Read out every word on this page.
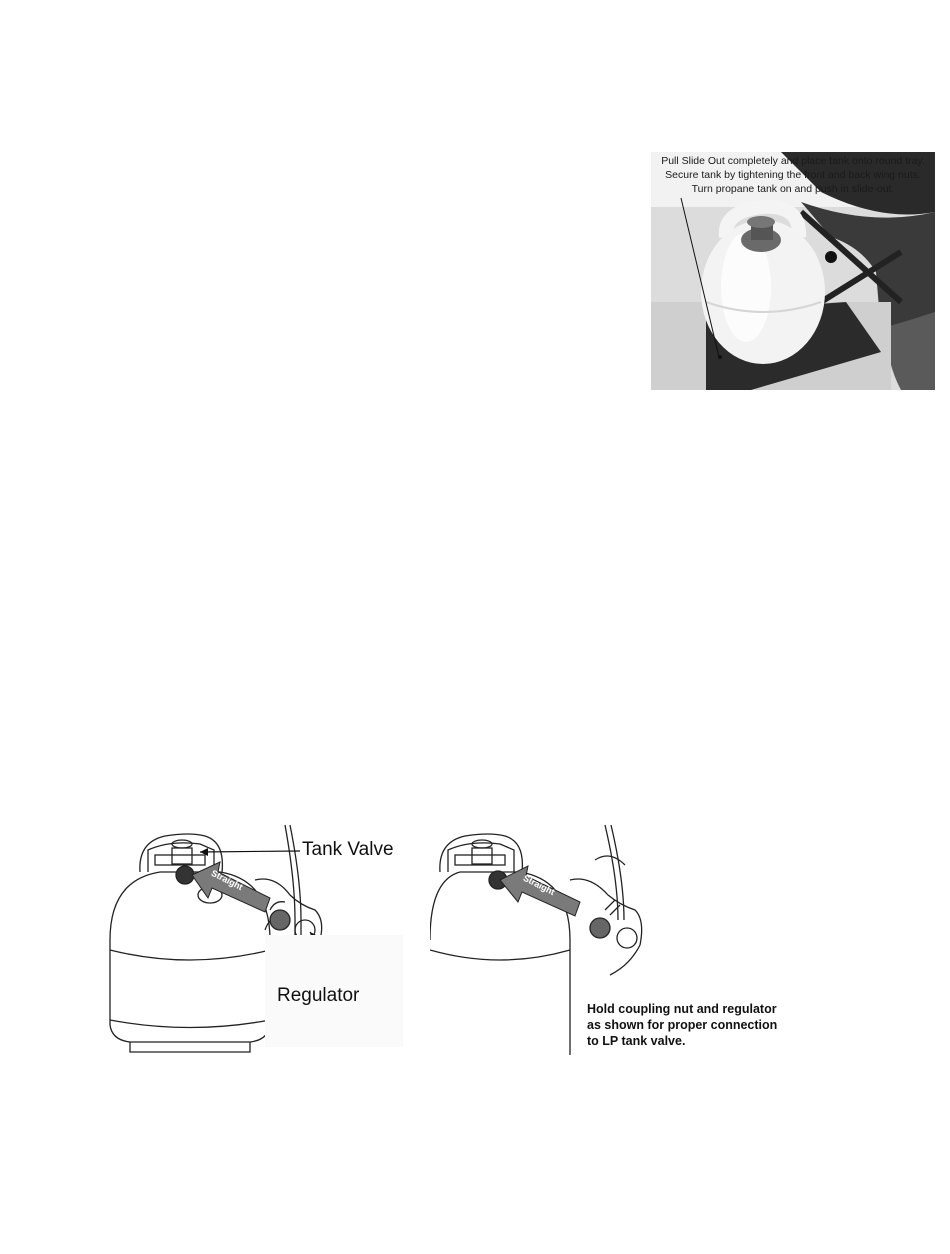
Pull Slide Out completely and place tank onto round tray.
Secure tank by tightening the front and back wing nuts.
Turn propane tank on and push in slide-out.
Straight
Tank Valve
Regulator
Straight
Hold coupling nut and regulator
as shown for proper connection
to LP tank valve.
